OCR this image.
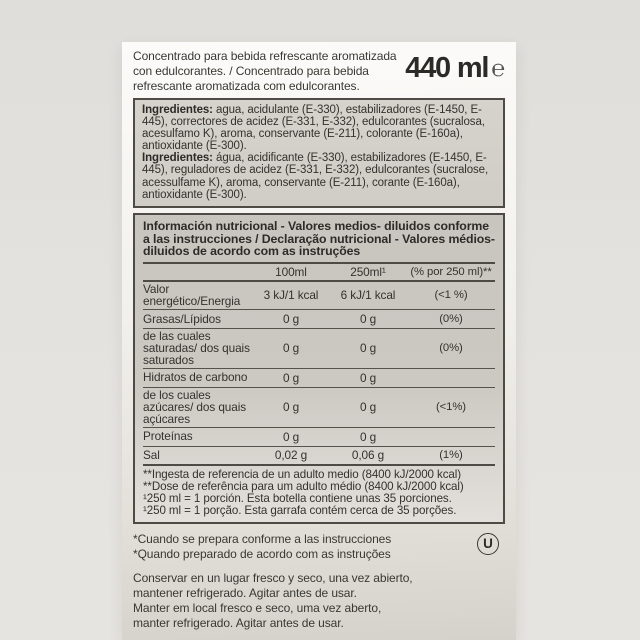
Concentrado para bebida refrescante aromatizada con edulcorantes. / Concentrado para bebida refrescante aromatizada com edulcorantes.
440 ml ℮

Ingredientes: agua, acidulante (E-330), estabilizadores (E-1450, E-445), correctores de acidez (E-331, E-332), edulcorantes (sucralosa, acesulfamo K), aroma, conservante (E-211), colorante (E-160a), antioxidante (E-300).

Ingredientes: água, acidificante (E-330), estabilizadores (E-1450, E-445), reguladores de acidez (E-331, E-332), edulcorantes (sucralose, acessulfame K), aroma, conservante (E-211), corante (E-160a), antioxidante (E-300).

Información nutricional - Valores medios- diluidos conforme a las instrucciones / Declaração nutricional - Valores médios- diluidos de acordo com as instruções
100ml	250ml¹	(% por 250 ml)**
Valor energético/Energia	3 kJ/1 kcal	6 kJ/1 kcal	(<1 %)
Grasas/Lípidos	0 g	0 g	(0%)
de las cuales saturadas/ dos quais saturados
0 g	0 g	(0%)
Hidratos de carbono	0 g	0 g
de los cuales azúcares/ dos quais açúcares
0 g	0 g	(<1%)
Proteínas	0 g	0 g
Sal	0,02 g	0,06 g	(1%)
**Ingesta de referencia de un adulto medio (8400 kJ/2000 kcal)
**Dose de referência para um adulto médio (8400 kJ/2000 kcal)
¹250 ml = 1 porción. Esta botella contiene unas 35 porciones.
¹250 ml = 1 porção. Esta garrafa contém cerca de 35 porções.
*Cuando se prepara conforme a las instrucciones
*Quando preparado de acordo com as instruções
U
Conservar en un lugar fresco y seco, una vez abierto,
mantener refrigerado. Agitar antes de usar.
Manter em local fresco e seco, uma vez aberto,
manter refrigerado. Agitar antes de usar.
